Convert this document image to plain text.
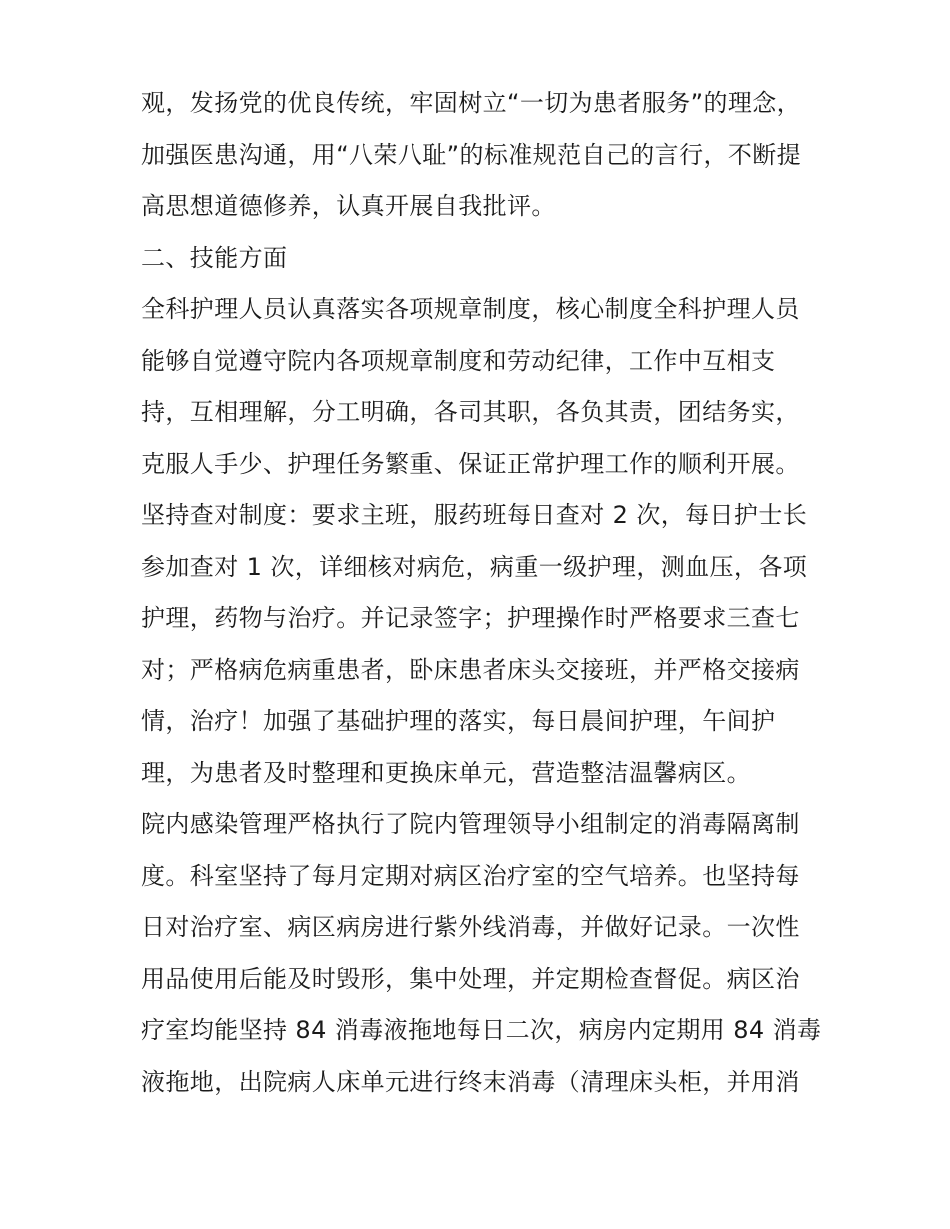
观，发扬党的优良传统，牢固树立“一切为患者服务”的理念，
加强医患沟通，用“八荣八耻”的标准规范自己的言行，不断提
高思想道德修养，认真开展自我批评。
二、技能方面
全科护理人员认真落实各项规章制度，核心制度全科护理人员
能够自觉遵守院内各项规章制度和劳动纪律，工作中互相支
持，互相理解，分工明确，各司其职，各负其责，团结务实，
克服人手少、护理任务繁重、保证正常护理工作的顺利开展。
坚持查对制度：要求主班，服药班每日查对 2 次，每日护士长
参加查对 1 次，详细核对病危，病重一级护理，测血压，各项
护理，药物与治疗。并记录签字；护理操作时严格要求三查七
对；严格病危病重患者，卧床患者床头交接班，并严格交接病
情，治疗！加强了基础护理的落实，每日晨间护理，午间护
理，为患者及时整理和更换床单元，营造整洁温馨病区。
院内感染管理严格执行了院内管理领导小组制定的消毒隔离制
度。科室坚持了每月定期对病区治疗室的空气培养。也坚持每
日对治疗室、病区病房进行紫外线消毒，并做好记录。一次性
用品使用后能及时毁形，集中处理，并定期检查督促。病区治
疗室均能坚持 84 消毒液拖地每日二次，病房内定期用 84 消毒
液拖地，出院病人床单元进行终末消毒（清理床头柜，并用消
